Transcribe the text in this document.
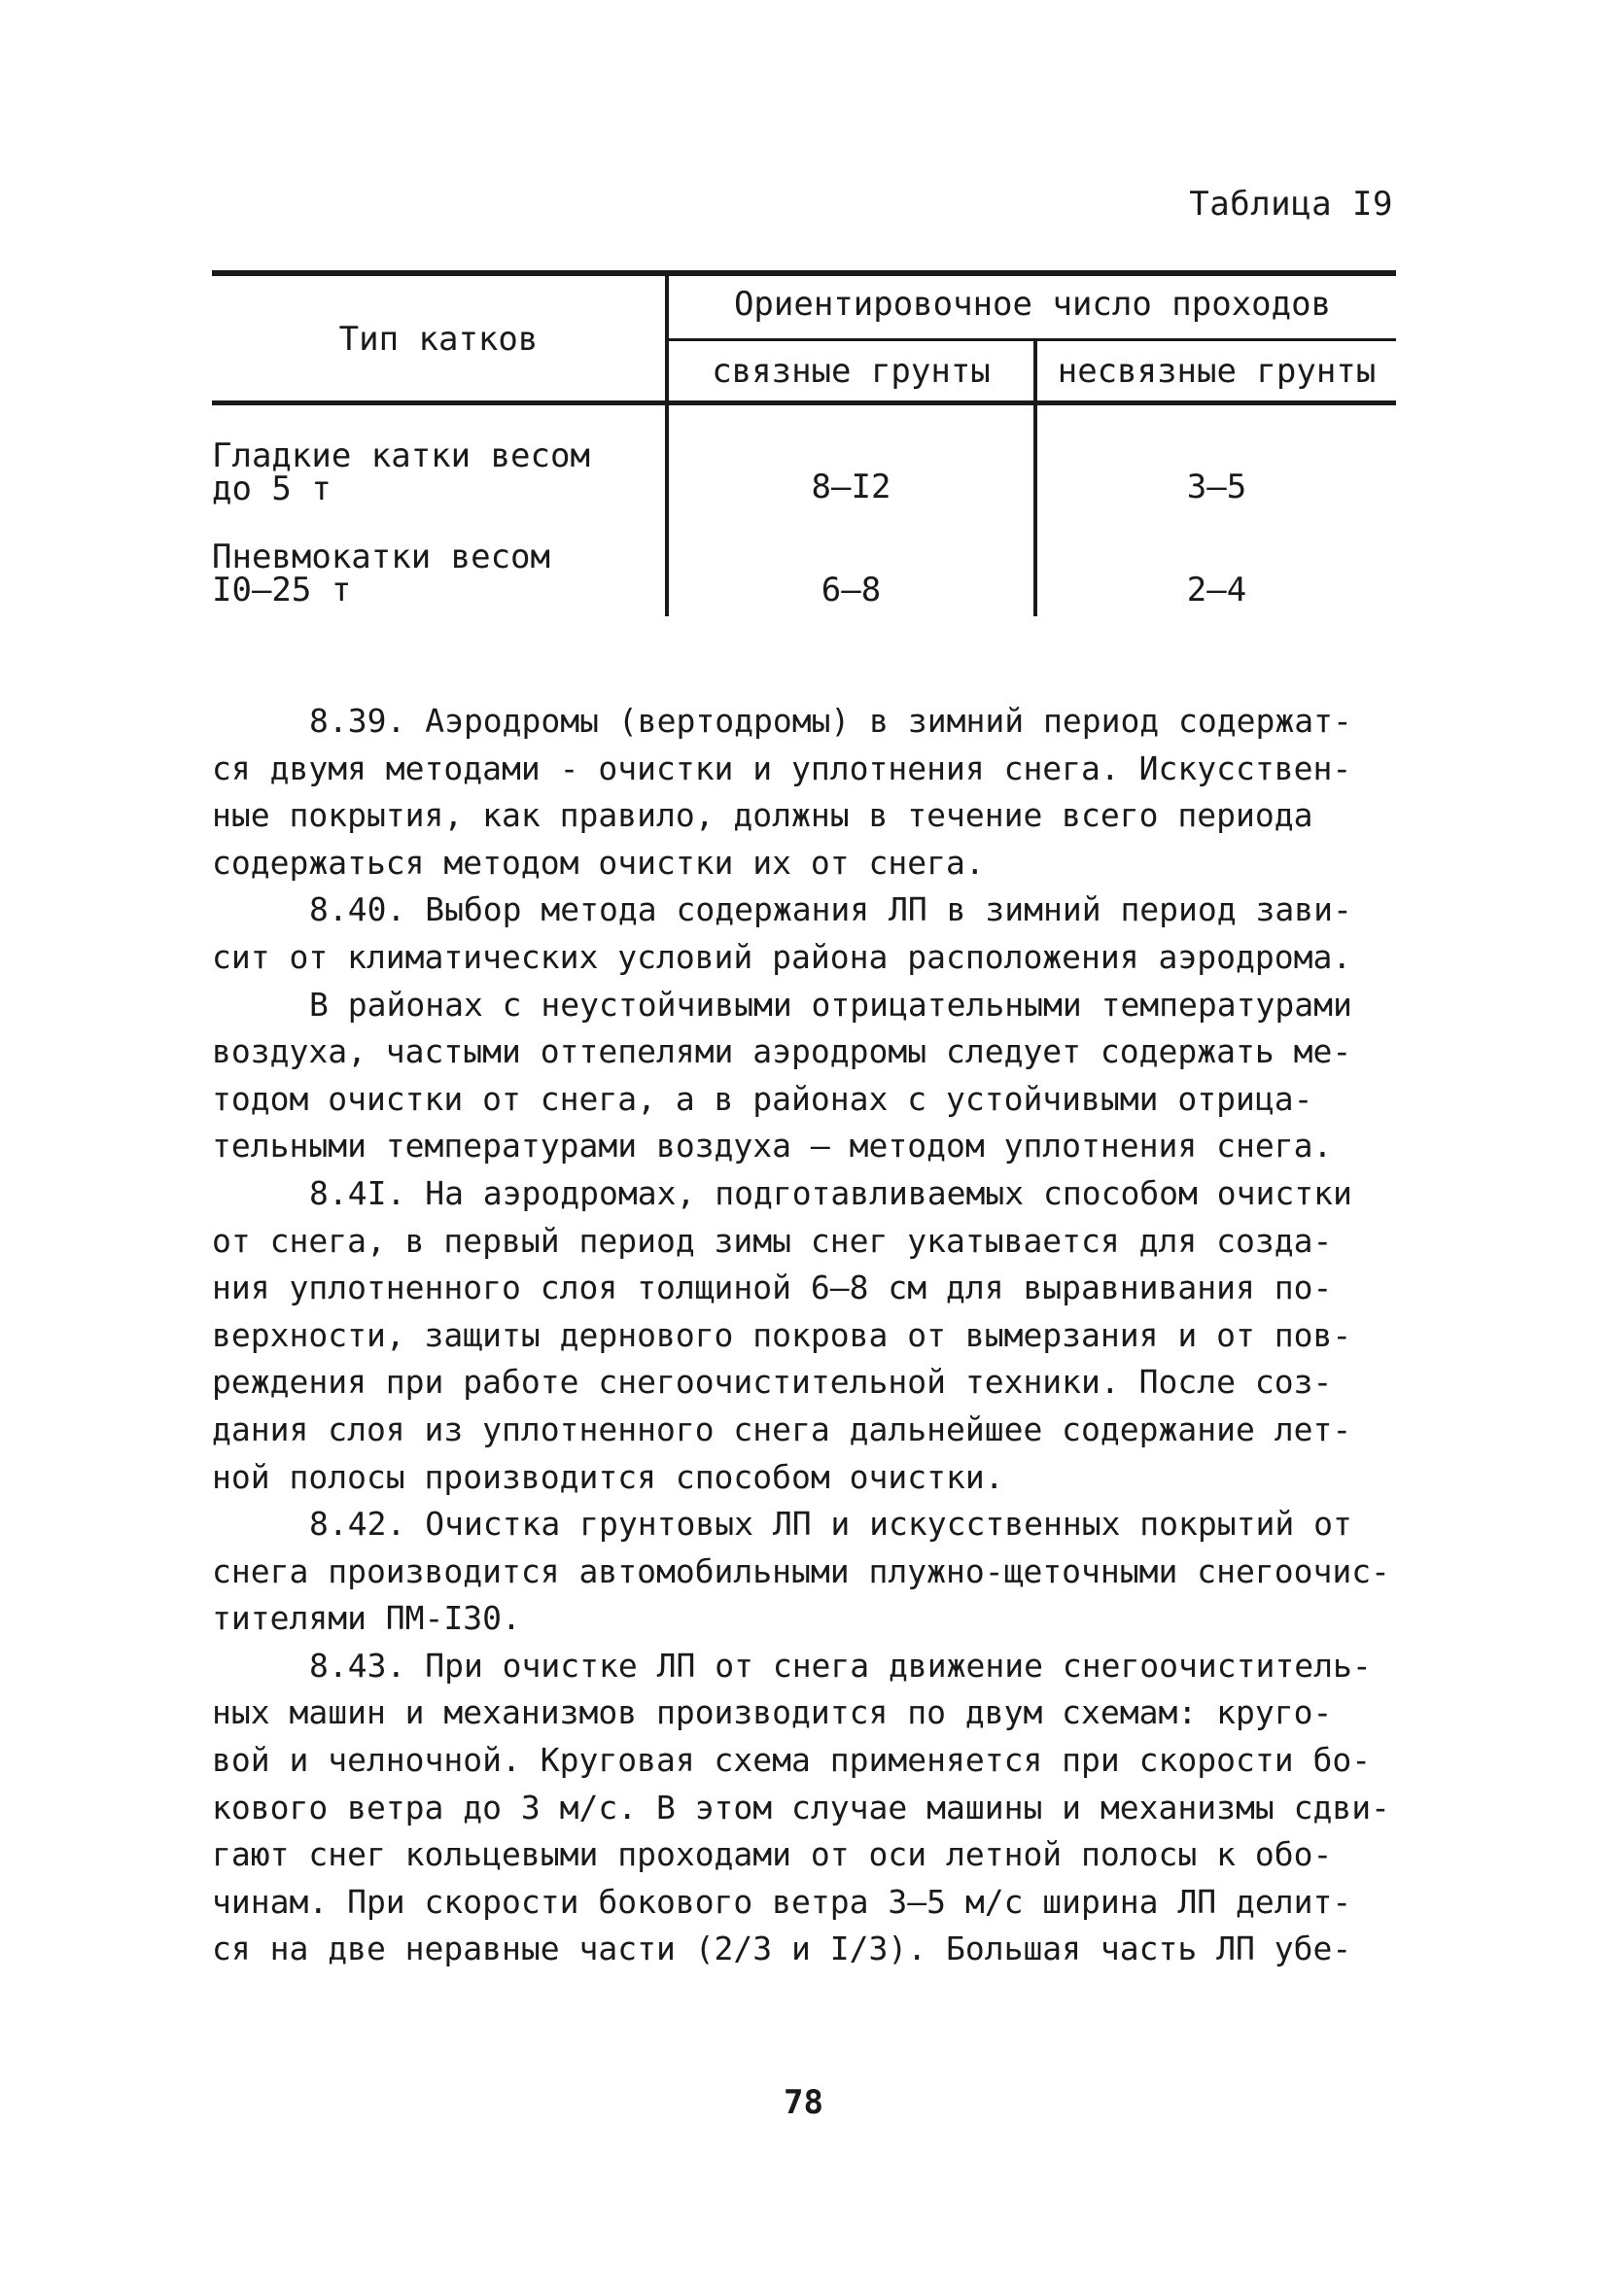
Таблица I9
Тип катков
Ориентировочное число проходов
связные грунты	несвязные грунты
Гладкие катки весом
до 5 т	8–I2	3–5
Пневмокатки весом
I0–25 т	6–8	2–4
8.39. Аэродромы (вертодромы) в зимний период содержат-
ся двумя методами - очистки и уплотнения снега. Искусствен-
ные покрытия, как правило, должны в течение всего периода
содержаться методом очистки их от снега.
8.40. Выбор метода содержания ЛП в зимний период зави-
сит от климатических условий района расположения аэродрома.
В районах с неустойчивыми отрицательными температурами
воздуха, частыми оттепелями аэродромы следует содержать ме-
тодом очистки от снега, а в районах с устойчивыми отрица-
тельными температурами воздуха – методом уплотнения снега.
8.4I. На аэродромах, подготавливаемых способом очистки
от снега, в первый период зимы снег укатывается для созда-
ния уплотненного слоя толщиной 6–8 см для выравнивания по-
верхности, защиты дернового покрова от вымерзания и от пов-
реждения при работе снегоочистительной техники. После соз-
дания слоя из уплотненного снега дальнейшее содержание лет-
ной полосы производится способом очистки.
8.42. Очистка грунтовых ЛП и искусственных покрытий от
снега производится автомобильными плужно-щеточными снегоочис-
тителями ПМ-I30.
8.43. При очистке ЛП от снега движение снегоочиститель-
ных машин и механизмов производится по двум схемам: круго-
вой и челночной. Круговая схема применяется при скорости бо-
кового ветра до 3 м/с. В этом случае машины и механизмы сдви-
гают снег кольцевыми проходами от оси летной полосы к обо-
чинам. При скорости бокового ветра 3–5 м/с ширина ЛП делит-
ся на две неравные части (2/3 и I/3). Большая часть ЛП убе-
78
